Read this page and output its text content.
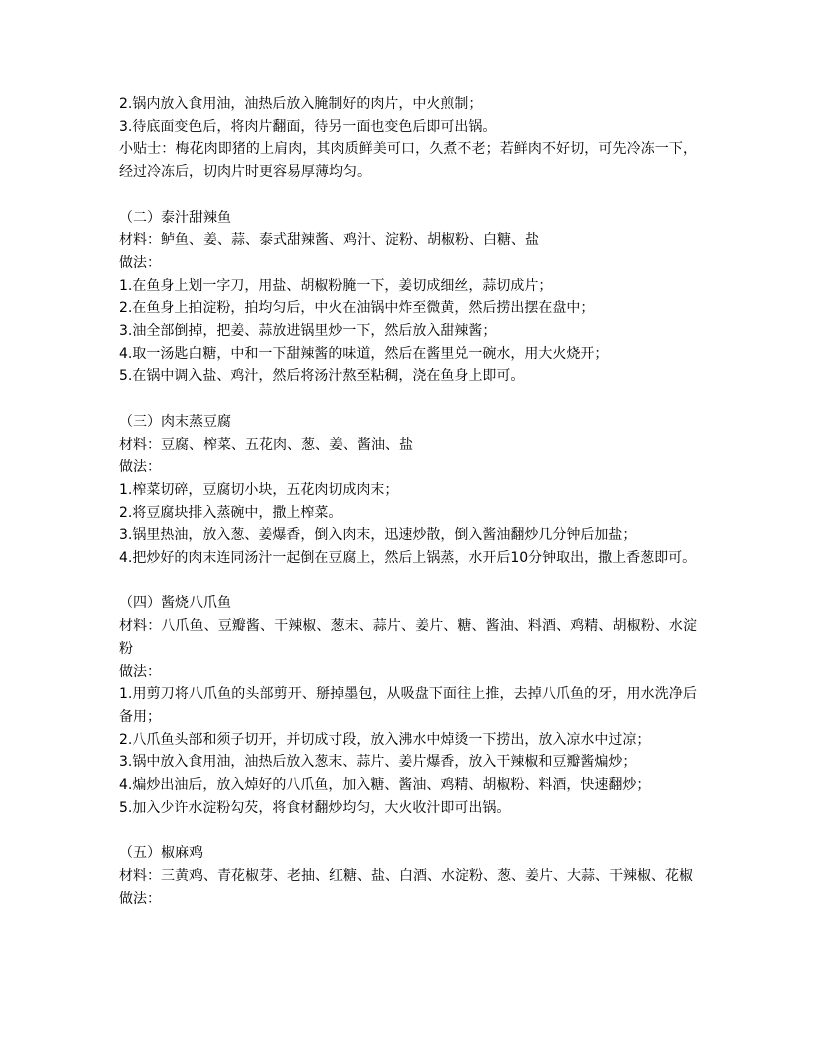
2.锅内放入食用油，油热后放入腌制好的肉片，中火煎制；
3.待底面变色后，将肉片翻面，待另一面也变色后即可出锅。
小贴士：梅花肉即猪的上肩肉，其肉质鲜美可口，久煮不老；若鲜肉不好切，可先冷冻一下，经过冷冻后，切肉片时更容易厚薄均匀。
（二）泰汁甜辣鱼
材料：鲈鱼、姜、蒜、泰式甜辣酱、鸡汁、淀粉、胡椒粉、白糖、盐
做法：
1.在鱼身上划一字刀，用盐、胡椒粉腌一下，姜切成细丝，蒜切成片；
2.在鱼身上拍淀粉，拍均匀后，中火在油锅中炸至微黄，然后捞出摆在盘中；
3.油全部倒掉，把姜、蒜放进锅里炒一下，然后放入甜辣酱；
4.取一汤匙白糖，中和一下甜辣酱的味道，然后在酱里兑一碗水，用大火烧开；
5.在锅中调入盐、鸡汁，然后将汤汁熬至粘稠，浇在鱼身上即可。
（三）肉末蒸豆腐
材料：豆腐、榨菜、五花肉、葱、姜、酱油、盐
做法：
1.榨菜切碎，豆腐切小块，五花肉切成肉末；
2.将豆腐块排入蒸碗中，撒上榨菜。
3.锅里热油，放入葱、姜爆香，倒入肉末，迅速炒散，倒入酱油翻炒几分钟后加盐；
4.把炒好的肉末连同汤汁一起倒在豆腐上，然后上锅蒸，水开后10分钟取出，撒上香葱即可。
（四）酱烧八爪鱼
材料：八爪鱼、豆瓣酱、干辣椒、葱末、蒜片、姜片、糖、酱油、料酒、鸡精、胡椒粉、水淀粉
做法：
1.用剪刀将八爪鱼的头部剪开、掰掉墨包，从吸盘下面往上推，去掉八爪鱼的牙，用水洗净后备用；
2.八爪鱼头部和须子切开，并切成寸段，放入沸水中焯烫一下捞出，放入凉水中过凉；
3.锅中放入食用油，油热后放入葱末、蒜片、姜片爆香，放入干辣椒和豆瓣酱煸炒；
4.煸炒出油后，放入焯好的八爪鱼，加入糖、酱油、鸡精、胡椒粉、料酒，快速翻炒；
5.加入少许水淀粉勾芡，将食材翻炒均匀，大火收汁即可出锅。
（五）椒麻鸡
材料：三黄鸡、青花椒芽、老抽、红糖、盐、白酒、水淀粉、葱、姜片、大蒜、干辣椒、花椒
做法：
